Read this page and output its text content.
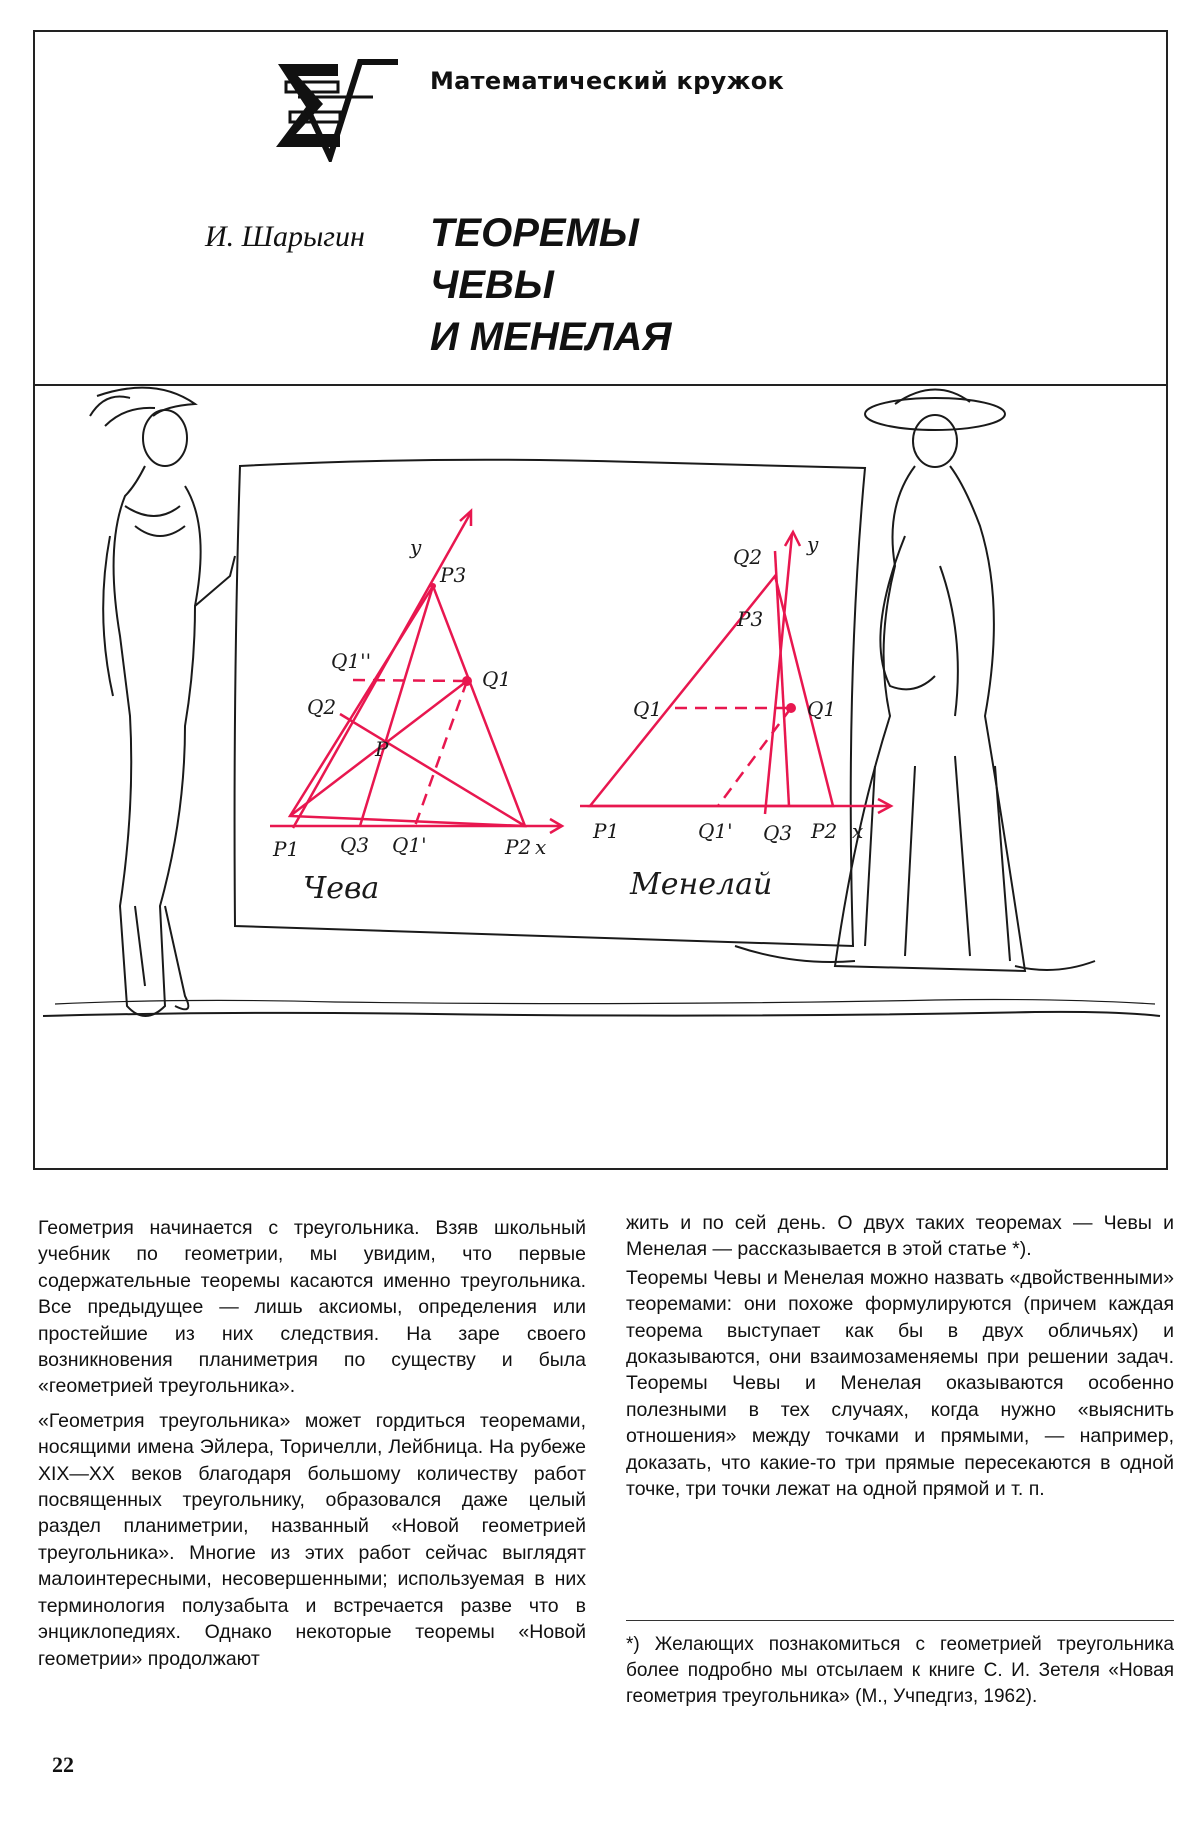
Математический кружок
И. Шарыгин ТЕОРЕМЫ
ЧЕВЫ
И МЕНЕЛАЯ
y
P3
Q1''
Q1
Q2
P
P1 Q3 Q1'	P2 x
Q2
y
P3
Q1	Q1
P1	Q1' Q3 P2 x
Чева	Менелай

Геометрия начинается с треугольника. Взяв школьный учебник по геометрии, мы увидим, что первые содержательные теоремы касаются именно треугольника. Все предыдущее — лишь аксиомы, определения или простейшие из них следствия. На заре своего возникновения планиметрия по существу и была «геометрией треугольника».

«Геометрия треугольника» может гордиться теоремами, носящими имена Эйлера, Торичелли, Лейбница. На рубеже XIX—XX веков благодаря большому количеству работ посвященных треугольнику, образовался даже целый раздел планиметрии, названный «Новой геометрией треугольника». Многие из этих работ сейчас выглядят малоинтересными, несовершенными; используемая в них терминология полузабыта и встречается разве что в энциклопедиях. Однако некоторые теоремы «Новой геометрии» продолжают

жить и по сей день. О двух таких теоремах — Чевы и Менелая — рассказывается в этой статье *).

Теоремы Чевы и Менелая можно назвать «двойственными» теоремами: они похоже формулируются (причем каждая теорема выступает как бы в двух обличьях) и доказываются, они взаимозаменяемы при решении задач. Теоремы Чевы и Менелая оказываются особенно полезными в тех случаях, когда нужно «выяснить отношения» между точками и прямыми, — например, доказать, что какие-то три прямые пересекаются в одной точке, три точки лежат на одной прямой и т. п.

*) Желающих познакомиться с геометрией треугольника более подробно мы отсылаем к книге С. И. Зетеля «Новая геометрия треугольника» (М., Учпедгиз, 1962).
22
